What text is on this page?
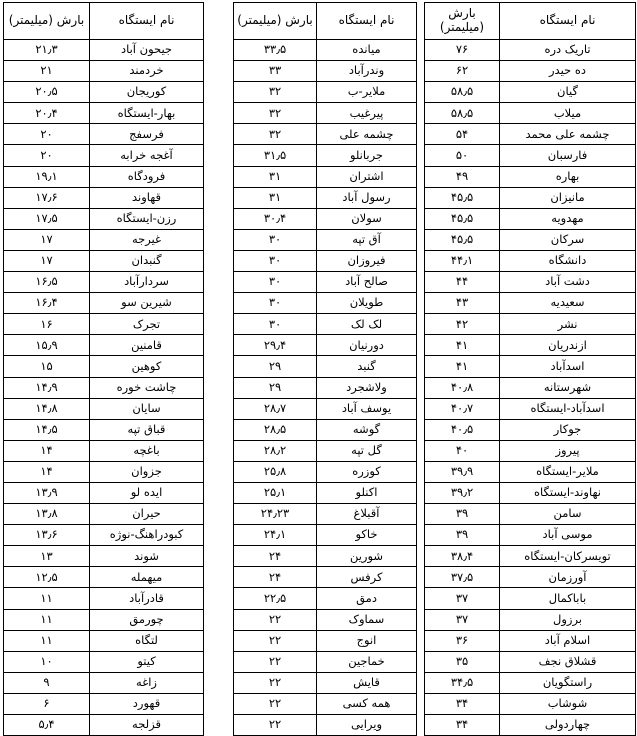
نام ایستگاه	بارش (میلیمتر)
تاریک دره	۷۶
ده حیدر	۶۲
گیان	۵۸٫۵
میلاب	۵۸٫۵
چشمه علی محمد	۵۴
فارسبان	۵۰
بهاره	۴۹
مانیزان	۴۵٫۵
مهدویه	۴۵٫۵
سرکان	۴۵٫۵
دانشگاه	۴۴٫۱
دشت آباد	۴۴
سعیدیه	۴۳
نشر	۴۲
ازندریان	۴۱
اسدآباد	۴۱
شهرستانه	۴۰٫۸
اسدآباد-ایستگاه	۴۰٫۷
جوکار	۴۰٫۵
پیروز	۴۰
ملایر-ایستگاه	۳۹٫۹
نهاوند-ایستگاه	۳۹٫۲
سامن	۳۹
موسی آباد	۳۹
تویسرکان-ایستگاه	۳۸٫۴
آورزمان	۳۷٫۵
باباکمال	۳۷
برزول	۳۷
اسلام آباد	۳۶
قشلاق نجف	۳۵
راستگویان	۳۴٫۵
شوشاب	۳۴
چهاردولی	۳۴
نام ایستگاه	بارش (میلیمتر)
میانده	۳۳٫۵
وندرآباد	۳۳
ملایر-ب	۳۲
پیرغیب	۳۲
چشمه علی	۳۲
جربانلو	۳۱٫۵
اشتران	۳۱
رسول آباد	۳۱
سولان	۳۰٫۴
آق تپه	۳۰
فیروزان	۳۰
صالح آباد	۳۰
طویلان	۳۰
لک لک	۳۰
دورنیان	۲۹٫۴
گنبد	۲۹
ولاشجرد	۲۹
یوسف آباد	۲۸٫۷
گوشه	۲۸٫۵
گل تپه	۲۸٫۲
کوزره	۲۵٫۸
اکنلو	۲۵٫۱
آقبلاغ	۲۴٫۲۳
خاکو	۲۴٫۱
شورین	۲۴
کرفس	۲۴
دمق	۲۲٫۵
سماوک	۲۲
انوج	۲۲
خماجین	۲۲
قایش	۲۲
همه کسی	۲۲
ویرایی	۲۲
نام ایستگاه	بارش (میلیمتر)
جیحون آباد	۲۱٫۳
خردمند	۲۱
کوریجان	۲۰٫۵
بهار-ایستگاه	۲۰٫۴
فرسفج	۲۰
آغجه خرابه	۲۰
فرودگاه	۱۹٫۱
قهاوند	۱۷٫۶
رزن-ایستگاه	۱۷٫۵
غیرجه	۱۷
گنبدان	۱۷
سردارآباد	۱۶٫۵
شیرین سو	۱۶٫۴
تجرک	۱۶
قامنین	۱۵٫۹
کوهین	۱۵
چاشت خوره	۱۴٫۹
سایان	۱۴٫۸
قباق تپه	۱۴٫۵
باغچه	۱۴
جزوان	۱۴
ایده لو	۱۳٫۹
حیران	۱۳٫۸
کبودراهنگ-نوژه	۱۳٫۶
شوند	۱۳
میهمله	۱۲٫۵
قادرآباد	۱۱
چورمق	۱۱
لتگاه	۱۱
کیتو	۱۰
زاغه	۹
قهورد	۶
قزلجه	۵٫۴
